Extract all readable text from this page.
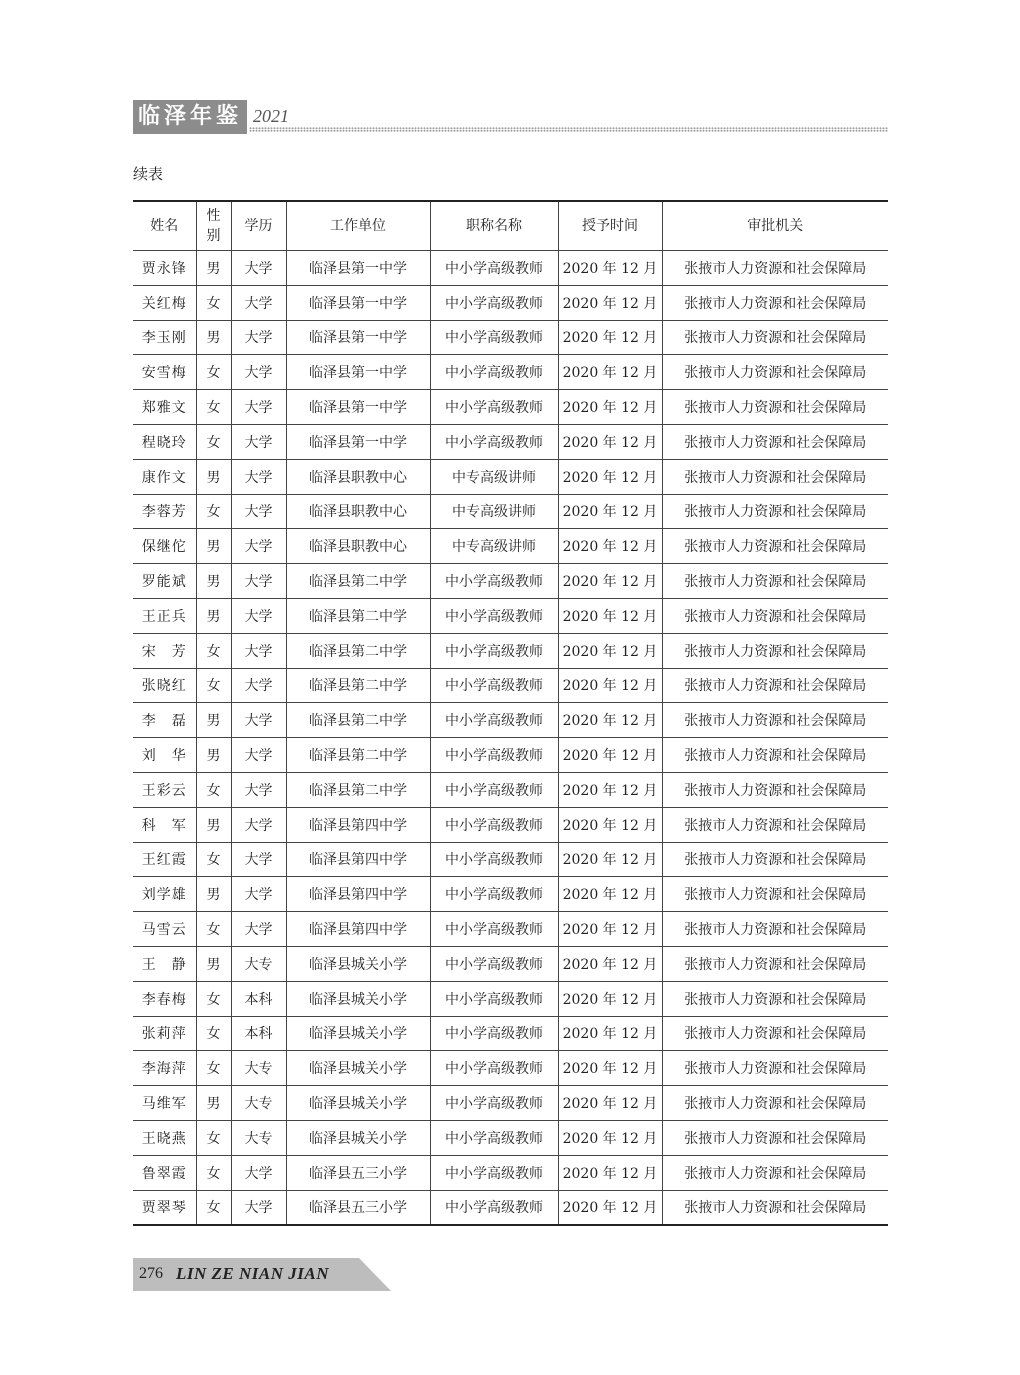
临泽年鉴 2021
续表
姓名	性别	学历	工作单位	职称名称	授予时间	审批机关
贾永锋	男	大学	临泽县第一中学	中小学高级教师	2020 年 12 月	张掖市人力资源和社会保障局
关红梅	女	大学	临泽县第一中学	中小学高级教师	2020 年 12 月	张掖市人力资源和社会保障局
李玉刚	男	大学	临泽县第一中学	中小学高级教师	2020 年 12 月	张掖市人力资源和社会保障局
安雪梅	女	大学	临泽县第一中学	中小学高级教师	2020 年 12 月	张掖市人力资源和社会保障局
郑雅文	女	大学	临泽县第一中学	中小学高级教师	2020 年 12 月	张掖市人力资源和社会保障局
程晓玲	女	大学	临泽县第一中学	中小学高级教师	2020 年 12 月	张掖市人力资源和社会保障局
康作文	男	大学	临泽县职教中心	中专高级讲师	2020 年 12 月	张掖市人力资源和社会保障局
李蓉芳	女	大学	临泽县职教中心	中专高级讲师	2020 年 12 月	张掖市人力资源和社会保障局
保继佗	男	大学	临泽县职教中心	中专高级讲师	2020 年 12 月	张掖市人力资源和社会保障局
罗能斌	男	大学	临泽县第二中学	中小学高级教师	2020 年 12 月	张掖市人力资源和社会保障局
王正兵	男	大学	临泽县第二中学	中小学高级教师	2020 年 12 月	张掖市人力资源和社会保障局
宋　芳	女	大学	临泽县第二中学	中小学高级教师	2020 年 12 月	张掖市人力资源和社会保障局
张晓红	女	大学	临泽县第二中学	中小学高级教师	2020 年 12 月	张掖市人力资源和社会保障局
李　磊	男	大学	临泽县第二中学	中小学高级教师	2020 年 12 月	张掖市人力资源和社会保障局
刘　华	男	大学	临泽县第二中学	中小学高级教师	2020 年 12 月	张掖市人力资源和社会保障局
王彩云	女	大学	临泽县第二中学	中小学高级教师	2020 年 12 月	张掖市人力资源和社会保障局
科　军	男	大学	临泽县第四中学	中小学高级教师	2020 年 12 月	张掖市人力资源和社会保障局
王红霞	女	大学	临泽县第四中学	中小学高级教师	2020 年 12 月	张掖市人力资源和社会保障局
刘学雄	男	大学	临泽县第四中学	中小学高级教师	2020 年 12 月	张掖市人力资源和社会保障局
马雪云	女	大学	临泽县第四中学	中小学高级教师	2020 年 12 月	张掖市人力资源和社会保障局
王　静	男	大专	临泽县城关小学	中小学高级教师	2020 年 12 月	张掖市人力资源和社会保障局
李春梅	女	本科	临泽县城关小学	中小学高级教师	2020 年 12 月	张掖市人力资源和社会保障局
张莉萍	女	本科	临泽县城关小学	中小学高级教师	2020 年 12 月	张掖市人力资源和社会保障局
李海萍	女	大专	临泽县城关小学	中小学高级教师	2020 年 12 月	张掖市人力资源和社会保障局
马维军	男	大专	临泽县城关小学	中小学高级教师	2020 年 12 月	张掖市人力资源和社会保障局
王晓燕	女	大专	临泽县城关小学	中小学高级教师	2020 年 12 月	张掖市人力资源和社会保障局
鲁翠霞	女	大学	临泽县五三小学	中小学高级教师	2020 年 12 月	张掖市人力资源和社会保障局
贾翠琴	女	大学	临泽县五三小学	中小学高级教师	2020 年 12 月	张掖市人力资源和社会保障局
276 LIN ZE NIAN JIAN
